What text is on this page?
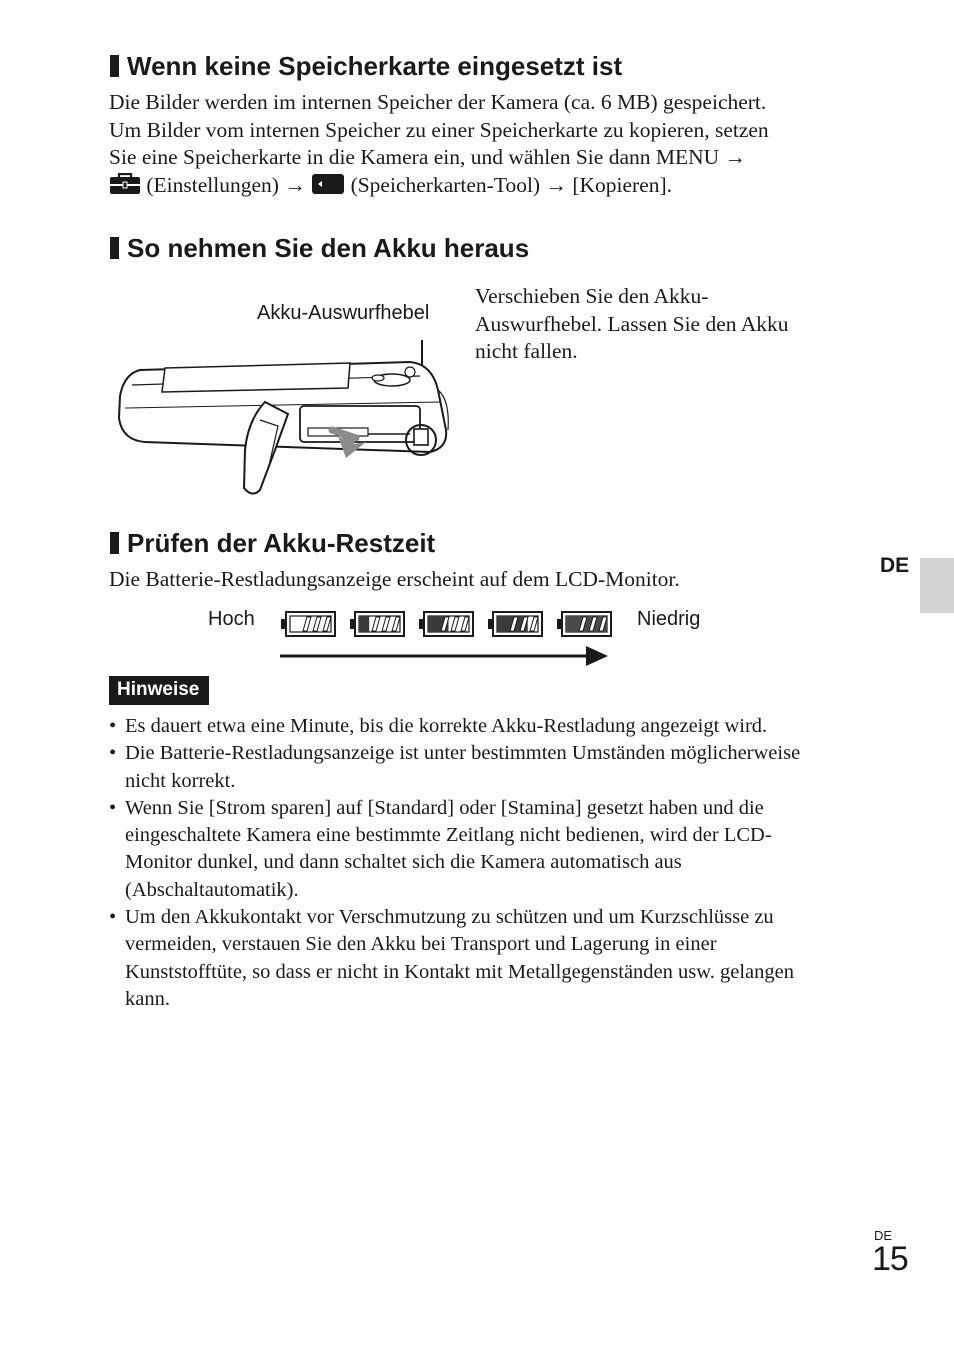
Wenn keine Speicherkarte eingesetzt ist
Die Bilder werden im internen Speicher der Kamera (ca. 6 MB) gespeichert.
Um Bilder vom internen Speicher zu einer Speicherkarte zu kopieren, setzen
Sie eine Speicherkarte in die Kamera ein, und wählen Sie dann MENU →
(Einstellungen) → (Speicherkarten-Tool) → [Kopieren].
So nehmen Sie den Akku heraus
Akku-Auswurfhebel
Verschieben Sie den Akku-
Auswurfhebel. Lassen Sie den Akku
nicht fallen.
Prüfen der Akku-Restzeit
Die Batterie-Restladungsanzeige erscheint auf dem LCD-Monitor.
Hoch	Niedrig
Hinweise
• Es dauert etwa eine Minute, bis die korrekte Akku-Restladung angezeigt wird.
• Die Batterie-Restladungsanzeige ist unter bestimmten Umständen möglicherweise
nicht korrekt.
• Wenn Sie [Strom sparen] auf [Standard] oder [Stamina] gesetzt haben und die
eingeschaltete Kamera eine bestimmte Zeitlang nicht bedienen, wird der LCD-
Monitor dunkel, und dann schaltet sich die Kamera automatisch aus
(Abschaltautomatik).
• Um den Akkukontakt vor Verschmutzung zu schützen und um Kurzschlüsse zu
vermeiden, verstauen Sie den Akku bei Transport und Lagerung in einer
Kunststofftüte, so dass er nicht in Kontakt mit Metallgegenständen usw. gelangen
kann.
DE
DE
15
